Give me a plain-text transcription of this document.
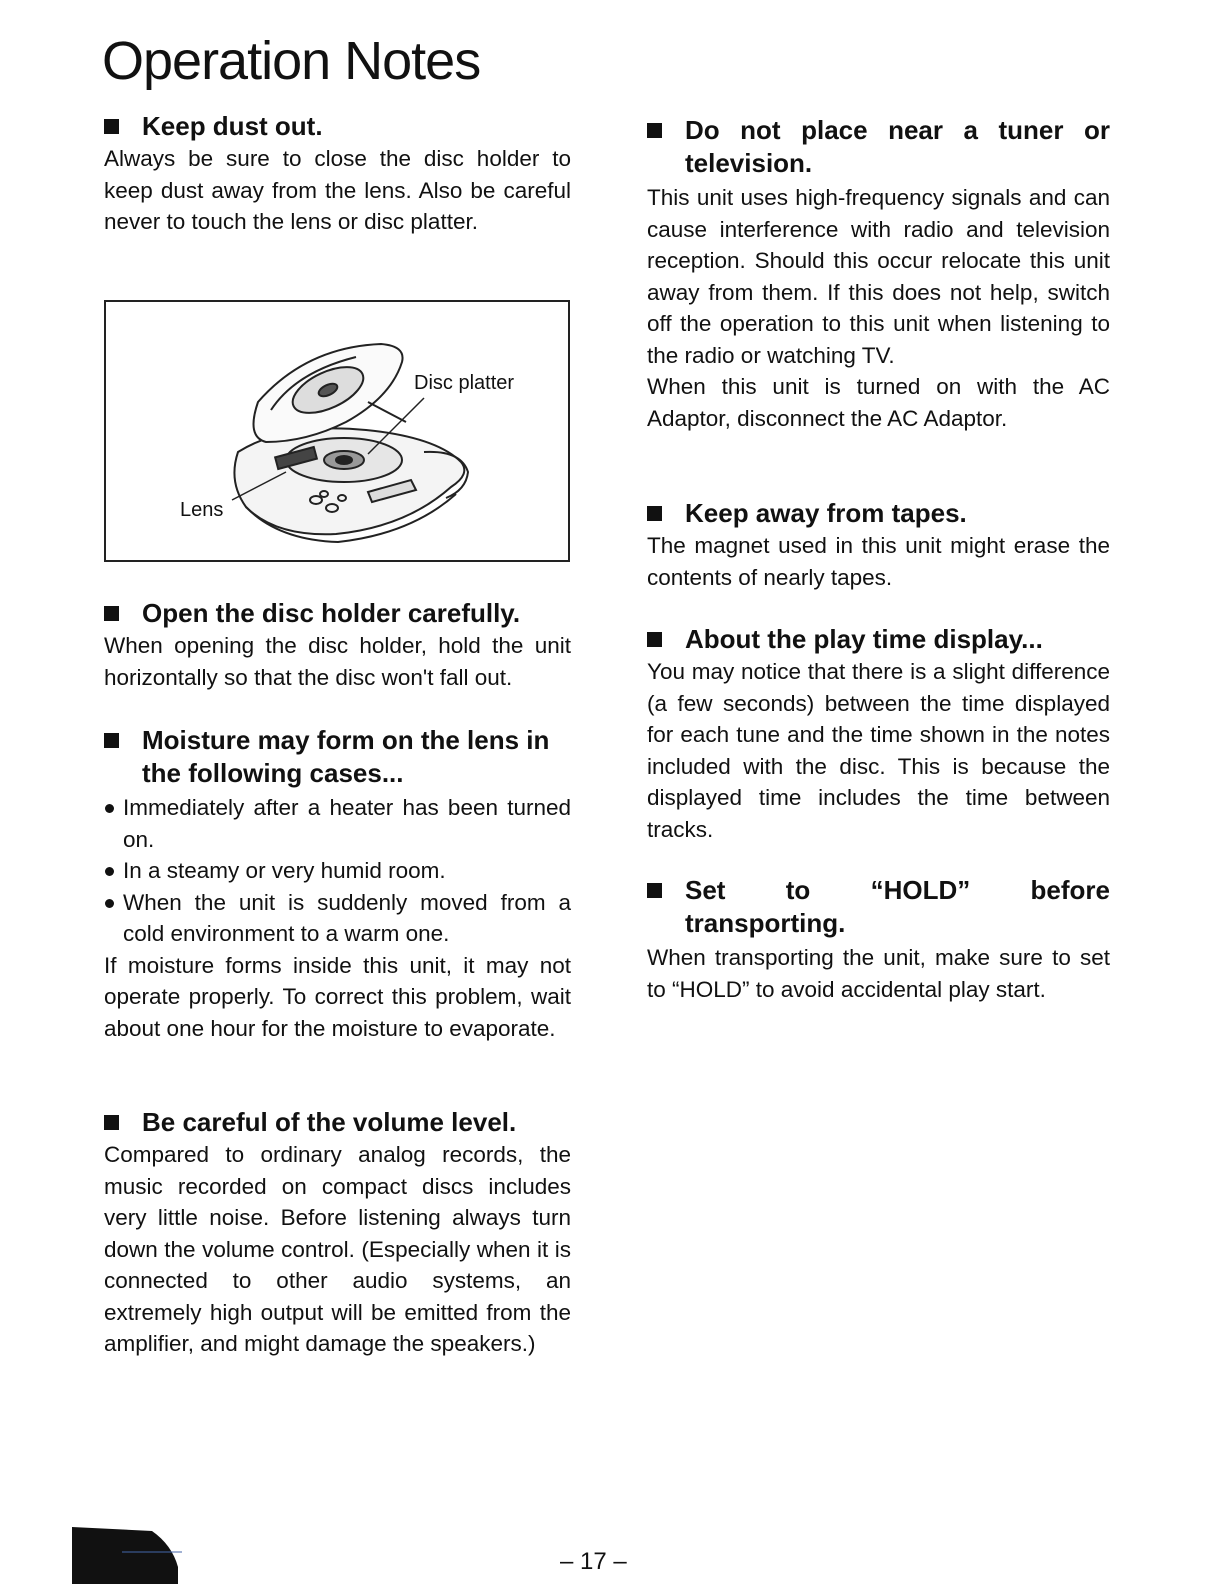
Operation Notes
Keep dust out.

Always be sure to close the disc holder to keep dust away from the lens. Also be careful never to touch the lens or disc platter.

Open the disc holder carefully.

When opening the disc holder, hold the unit horizontally so that the disc won't fall out.

Moisture may form on the lens in the following cases...
Immediately after a heater has been turned on.
In a steamy or very humid room.
When the unit is suddenly moved from a cold environment to a warm one.

If moisture forms inside this unit, it may not operate properly. To correct this problem, wait about one hour for the moisture to evaporate.

Be careful of the volume level.

Compared to ordinary analog records, the music recorded on compact discs includes very little noise. Before listening always turn down the volume control. (Especially when it is connected to other audio systems, an extremely high output will be emitted from the amplifier, and might damage the speakers.)

Disc platter
Lens
Do not place near a tuner or television.

This unit uses high-frequency signals and can cause interference with radio and television reception. Should this occur relocate this unit away from them. If this does not help, switch off the operation to this unit when listening to the radio or watching TV.

When this unit is turned on with the AC Adaptor, disconnect the AC Adaptor.

Keep away from tapes.

The magnet used in this unit might erase the contents of nearly tapes.

About the play time display...

You may notice that there is a slight difference (a few seconds) between the time displayed for each tune and the time shown in the notes included with the disc. This is because the displayed time includes the time between tracks.

Set to “HOLD” before transporting.

When transporting the unit, make sure to set to “HOLD” to avoid accidental play start.

– 17 –
